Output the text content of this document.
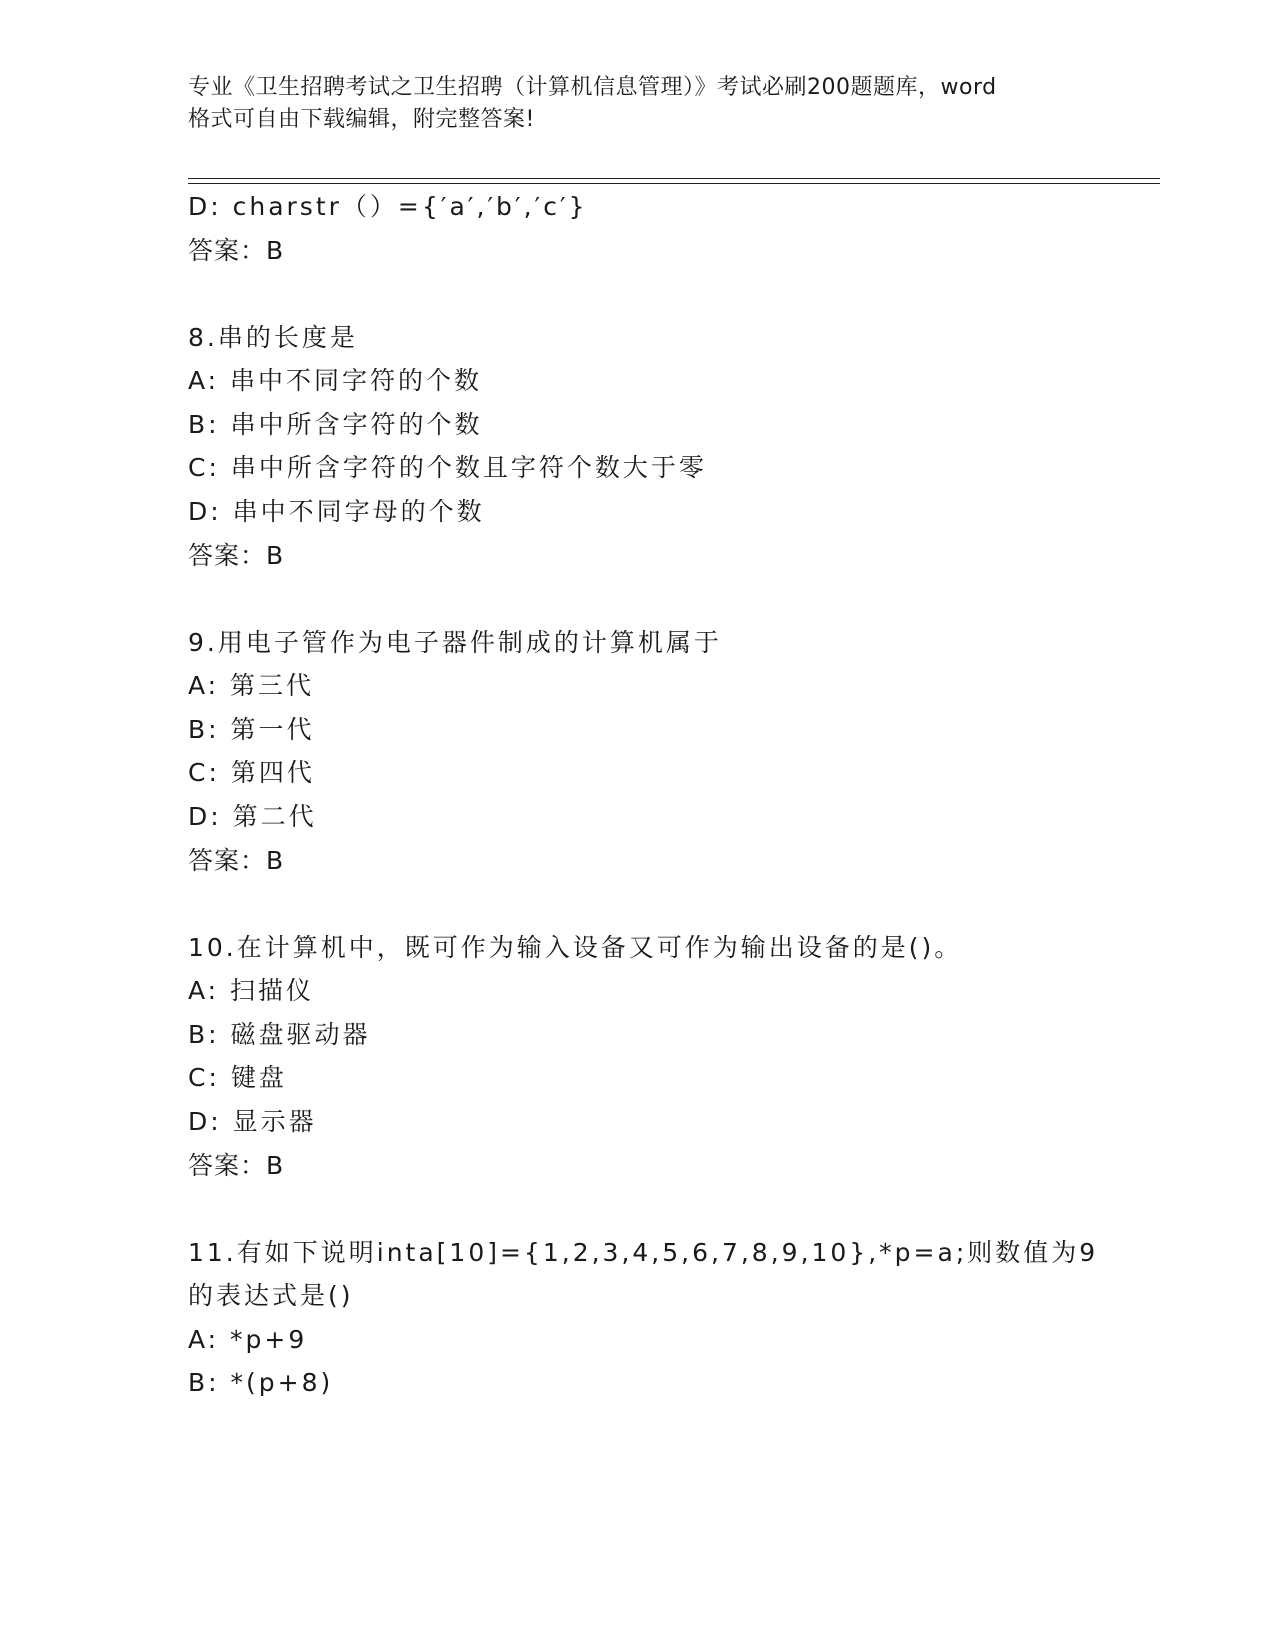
专业《卫生招聘考试之卫生招聘（计算机信息管理）》考试必刷200题题库，word
格式可自由下载编辑，附完整答案!
D: charstr（）={′a′,′b′,′c′}
答案：B
8.串的长度是
A: 串中不同字符的个数
B: 串中所含字符的个数
C: 串中所含字符的个数且字符个数大于零
D: 串中不同字母的个数
答案：B
9.用电子管作为电子器件制成的计算机属于
A: 第三代
B: 第一代
C: 第四代
D: 第二代
答案：B
10.在计算机中，既可作为输入设备又可作为输出设备的是()。
A: 扫描仪
B: 磁盘驱动器
C: 键盘
D: 显示器
答案：B
11.有如下说明inta[10]={1,2,3,4,5,6,7,8,9,10},*p=a;则数值为9
的表达式是()
A: *p+9
B: *(p+8)
